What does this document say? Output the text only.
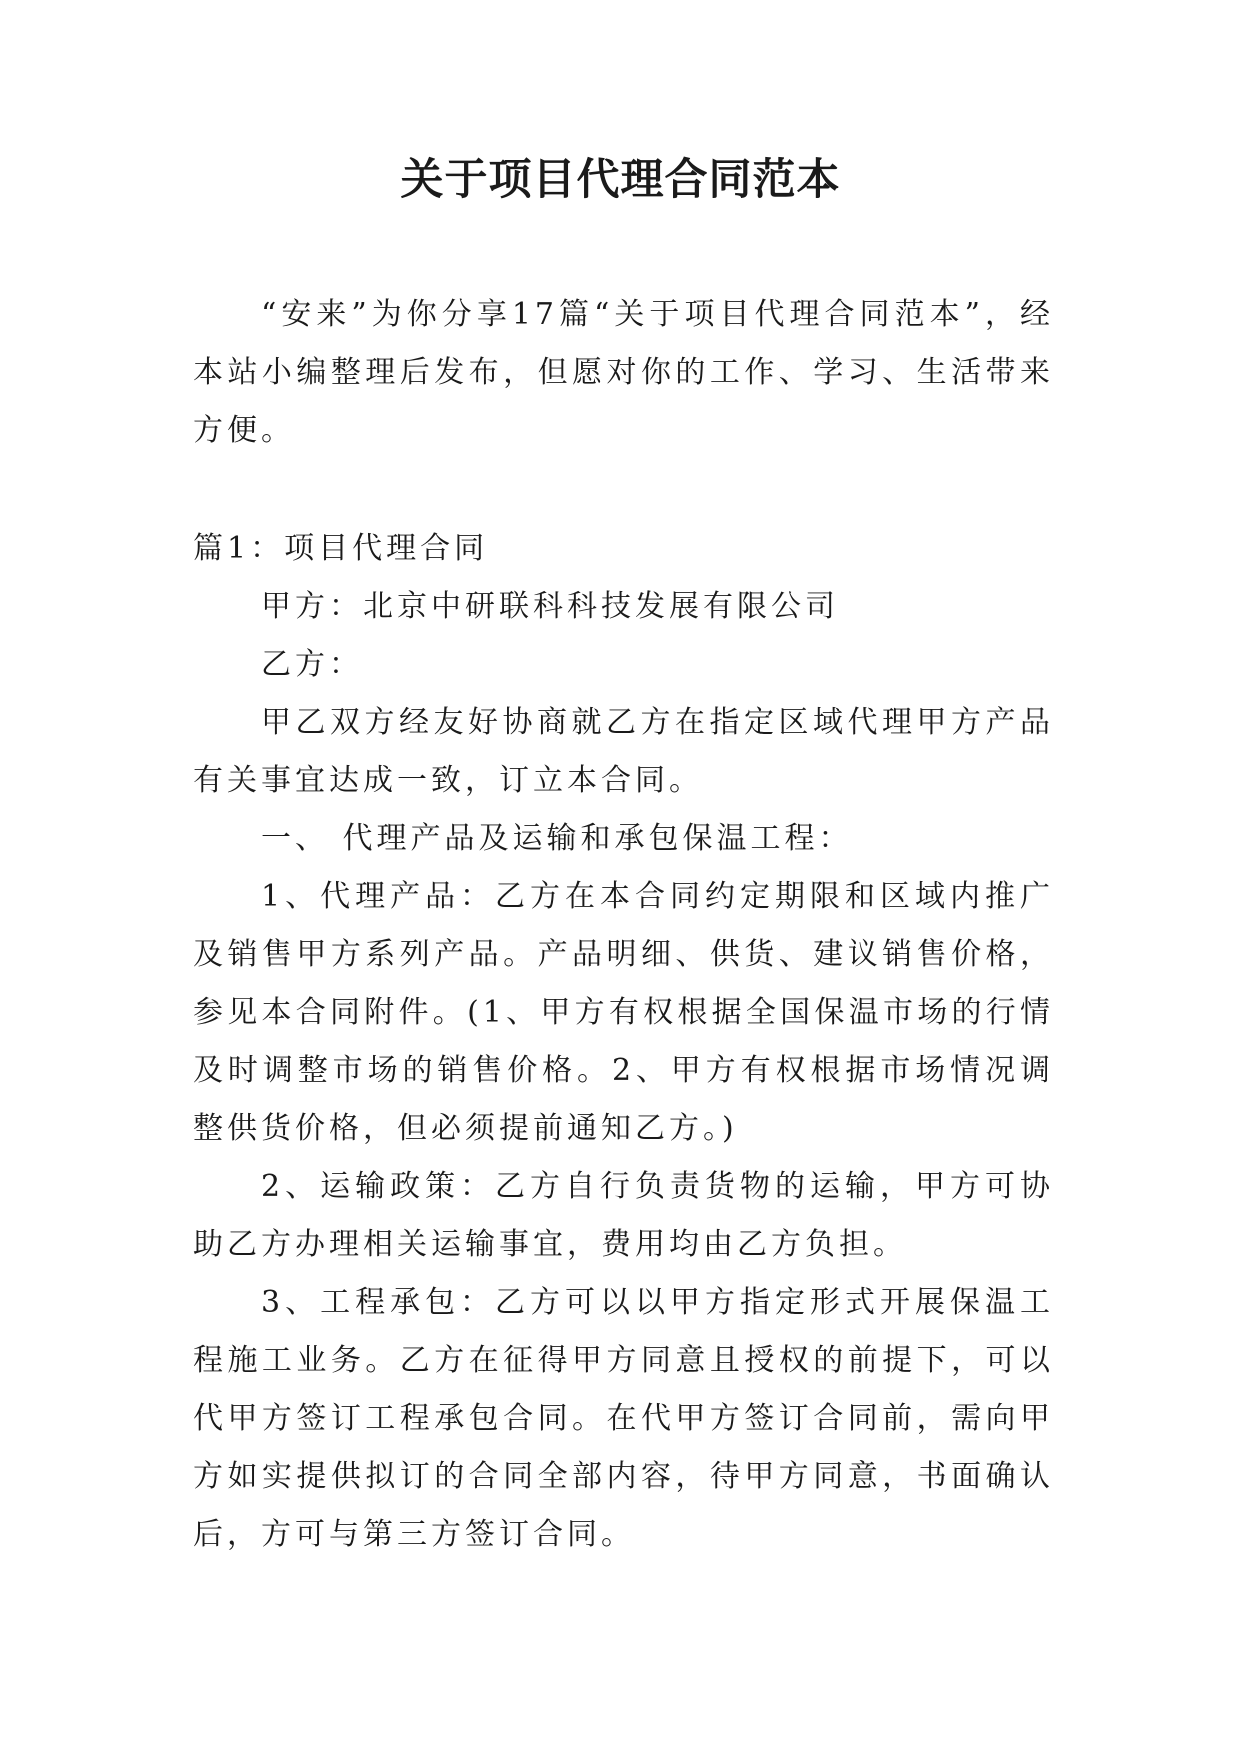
关于项目代理合同范本

“安来”为你分享17篇“关于项目代理合同范本”，经本站小编整理后发布，但愿对你的工作、学习、生活带来方便。

篇1：项目代理合同

甲方：北京中研联科科技发展有限公司

乙方：

甲乙双方经友好协商就乙方在指定区域代理甲方产品有关事宜达成一致，订立本合同。

一、 代理产品及运输和承包保温工程：

1、代理产品：乙方在本合同约定期限和区域内推广及销售甲方系列产品。产品明细、供货、建议销售价格，参见本合同附件。(1、甲方有权根据全国保温市场的行情及时调整市场的销售价格。2、甲方有权根据市场情况调整供货价格，但必须提前通知乙方。)

2、运输政策：乙方自行负责货物的运输，甲方可协助乙方办理相关运输事宜，费用均由乙方负担。

3、工程承包：乙方可以以甲方指定形式开展保温工程施工业务。乙方在征得甲方同意且授权的前提下，可以代甲方签订工程承包合同。在代甲方签订合同前，需向甲方如实提供拟订的合同全部内容，待甲方同意，书面确认后，方可与第三方签订合同。
